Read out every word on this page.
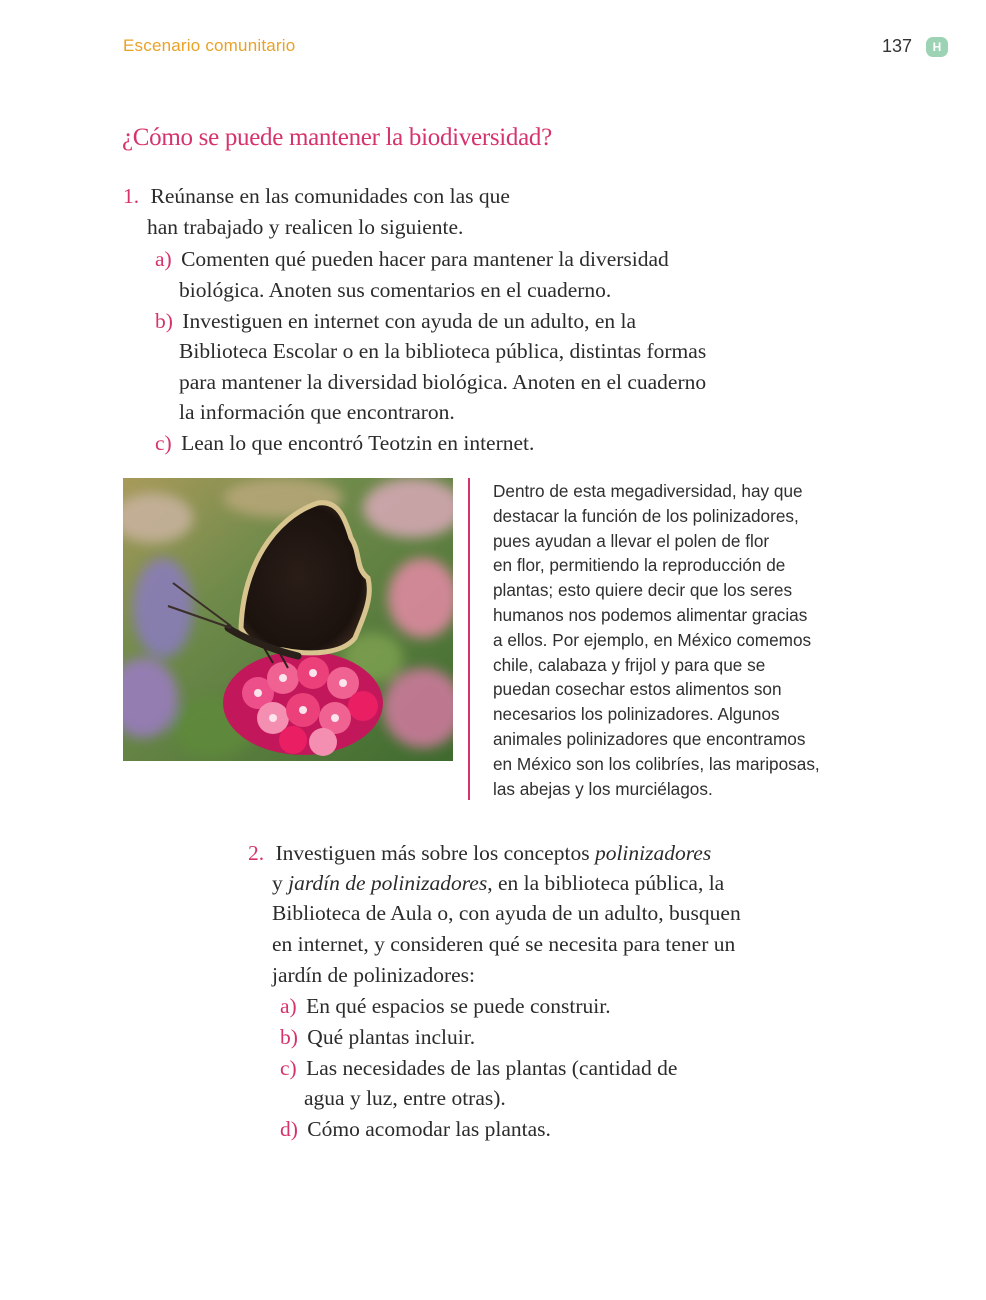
Escenario comunitario	137	H
¿Cómo se puede mantener la biodiversidad?
1. Reúnanse en las comunidades con las que
han trabajado y realicen lo siguiente.
a) Comenten qué pueden hacer para mantener la diversidad
biológica. Anoten sus comentarios en el cuaderno.
b) Investiguen en internet con ayuda de un adulto, en la
Biblioteca Escolar o en la biblioteca pública, distintas formas
para mantener la diversidad biológica. Anoten en el cuaderno
la información que encontraron.
c) Lean lo que encontró Teotzin en internet.

Dentro de esta megadiversidad, hay que

destacar la función de los polinizadores,

pues ayudan a llevar el polen de flor

en flor, permitiendo la reproducción de

plantas; esto quiere decir que los seres

humanos nos podemos alimentar gracias

a ellos. Por ejemplo, en México comemos

chile, calabaza y frijol y para que se

puedan cosechar estos alimentos son

necesarios los polinizadores. Algunos

animales polinizadores que encontramos

en México son los colibríes, las mariposas,

las abejas y los murciélagos.

2. Investiguen más sobre los conceptos polinizadores
y jardín de polinizadores, en la biblioteca pública, la
Biblioteca de Aula o, con ayuda de un adulto, busquen
en internet, y consideren qué se necesita para tener un
jardín de polinizadores:
a) En qué espacios se puede construir.
b) Qué plantas incluir.
c) Las necesidades de las plantas (cantidad de
agua y luz, entre otras).
d) Cómo acomodar las plantas.
